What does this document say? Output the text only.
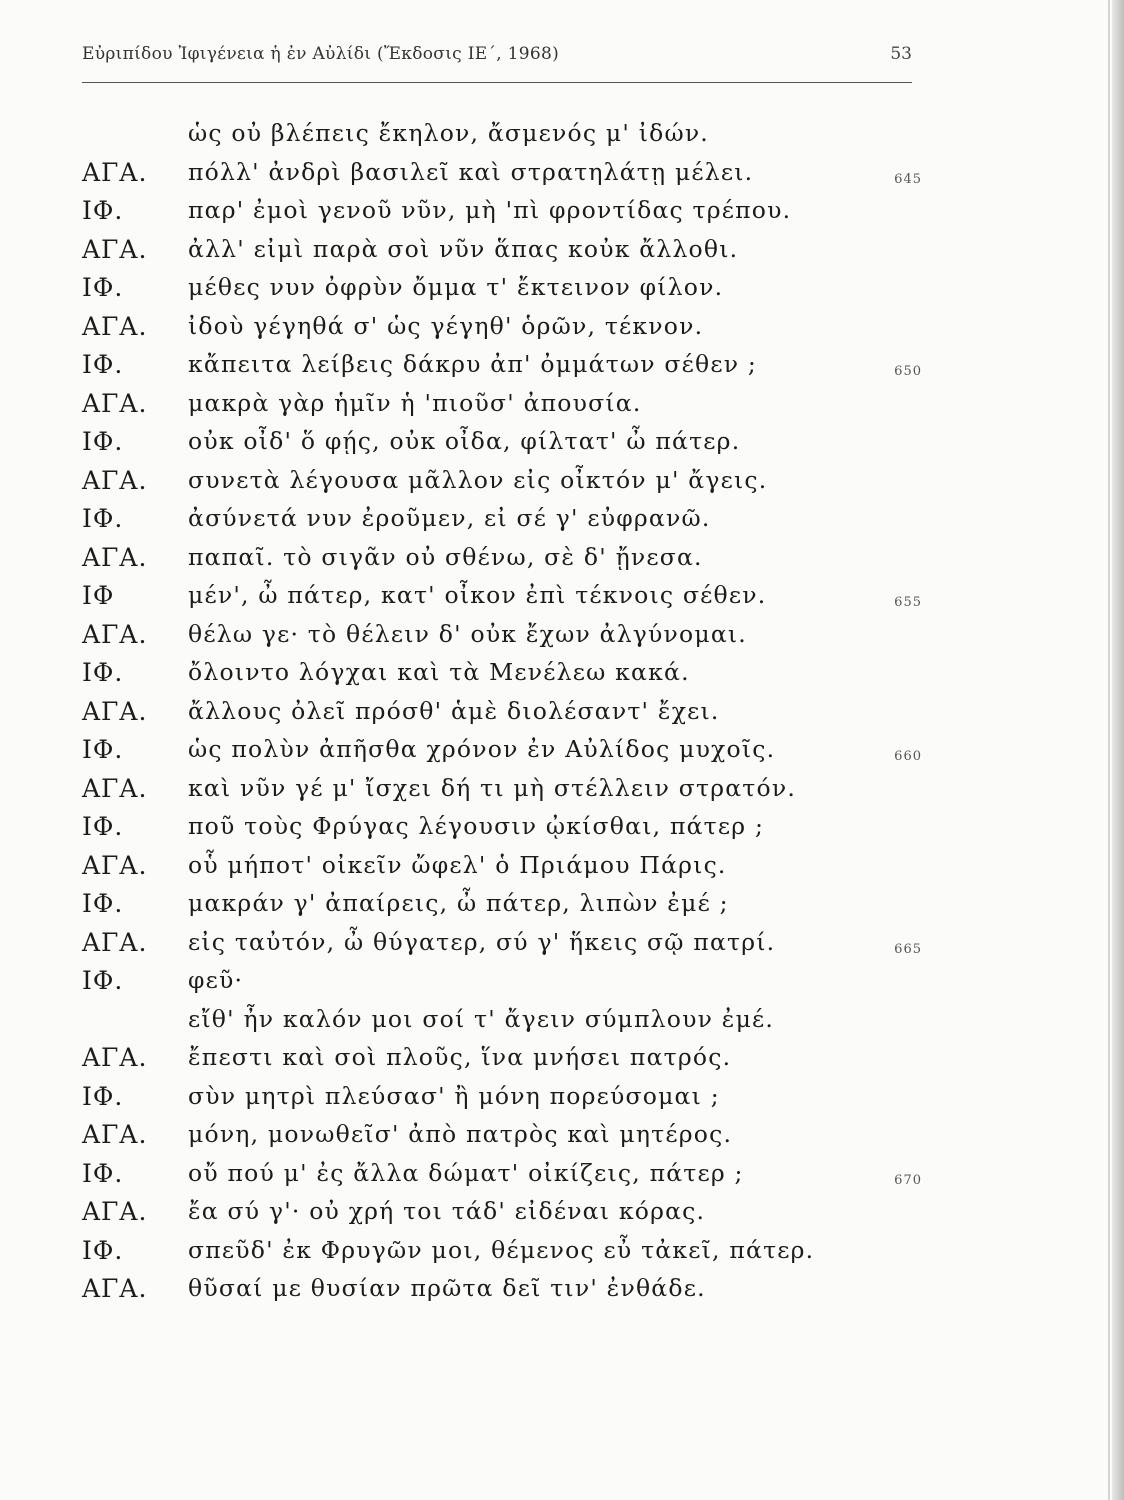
Εὐριπίδου Ἰφιγένεια ἡ ἐν Αὐλίδι (Ἔκδοσις ΙΕ΄, 1968)	53
ὡς οὐ βλέπεις ἔκηλον, ἄσμενός μ' ἰδών.
ΑΓΑ. πόλλ' ἀνδρὶ βασιλεῖ καὶ στρατηλάτῃ μέλει.	645
ΙΦ.	παρ' ἐμοὶ γενοῦ νῦν, μὴ 'πὶ φροντίδας τρέπου.
ΑΓΑ. ἀλλ' εἰμὶ παρὰ σοὶ νῦν ἅπας κοὐκ ἄλλοθι.
ΙΦ.	μέθες νυν ὀφρὺν ὄμμα τ' ἔκτεινον φίλον.
ΑΓΑ. ἰδοὺ γέγηθά σ' ὡς γέγηθ' ὁρῶν, τέκνον.
ΙΦ.	κἄπειτα λείβεις δάκρυ ἀπ' ὀμμάτων σέθεν ;	650
ΑΓΑ. μακρὰ γὰρ ἡμῖν ἡ 'πιοῦσ' ἀπουσία.
ΙΦ.	οὐκ οἶδ' ὅ φῄς, οὐκ οἶδα, φίλτατ' ὦ πάτερ.
ΑΓΑ. συνετὰ λέγουσα μᾶλλον εἰς οἶκτόν μ' ἄγεις.
ΙΦ.	ἀσύνετά νυν ἐροῦμεν, εἰ σέ γ' εὐφρανῶ.
ΑΓΑ. παπαῖ. τὸ σιγᾶν οὐ σθένω, σὲ δ' ᾔνεσα.
ΙΦ	μέν', ὦ πάτερ, κατ' οἶκον ἐπὶ τέκνοις σέθεν.	655
ΑΓΑ. θέλω γε· τὸ θέλειν δ' οὐκ ἔχων ἀλγύνομαι.
ΙΦ.	ὄλοιντο λόγχαι καὶ τὰ Μενέλεω κακά.
ΑΓΑ. ἄλλους ὀλεῖ πρόσθ' ἁμὲ διολέσαντ' ἔχει.
ΙΦ.	ὡς πολὺν ἀπῆσθα χρόνον ἐν Αὐλίδος μυχοῖς.	660
ΑΓΑ. καὶ νῦν γέ μ' ἴσχει δή τι μὴ στέλλειν στρατόν.
ΙΦ.	ποῦ τοὺς Φρύγας λέγουσιν ᾠκίσθαι, πάτερ ;
ΑΓΑ. οὗ μήποτ' οἰκεῖν ὤφελ' ὁ Πριάμου Πάρις.
ΙΦ.	μακράν γ' ἀπαίρεις, ὦ πάτερ, λιπὼν ἐμέ ;
ΑΓΑ. εἰς ταὐτόν, ὦ θύγατερ, σύ γ' ἥκεις σῷ πατρί.	665
ΙΦ.	φεῦ·
εἴθ' ἦν καλόν μοι σοί τ' ἄγειν σύμπλουν ἐμέ.
ΑΓΑ. ἔπεστι καὶ σοὶ πλοῦς, ἵνα μνήσει πατρός.
ΙΦ.	σὺν μητρὶ πλεύσασ' ἢ μόνη πορεύσομαι ;
ΑΓΑ. μόνη, μονωθεῖσ' ἀπὸ πατρὸς καὶ μητέρος.
ΙΦ.	οὔ πού μ' ἐς ἄλλα δώματ' οἰκίζεις, πάτερ ;	670
ΑΓΑ. ἔα σύ γ'· οὐ χρή τοι τάδ' εἰδέναι κόρας.
ΙΦ.	σπεῦδ' ἐκ Φρυγῶν μοι, θέμενος εὖ τἀκεῖ, πάτερ.
ΑΓΑ. θῦσαί με θυσίαν πρῶτα δεῖ τιν' ἐνθάδε.
